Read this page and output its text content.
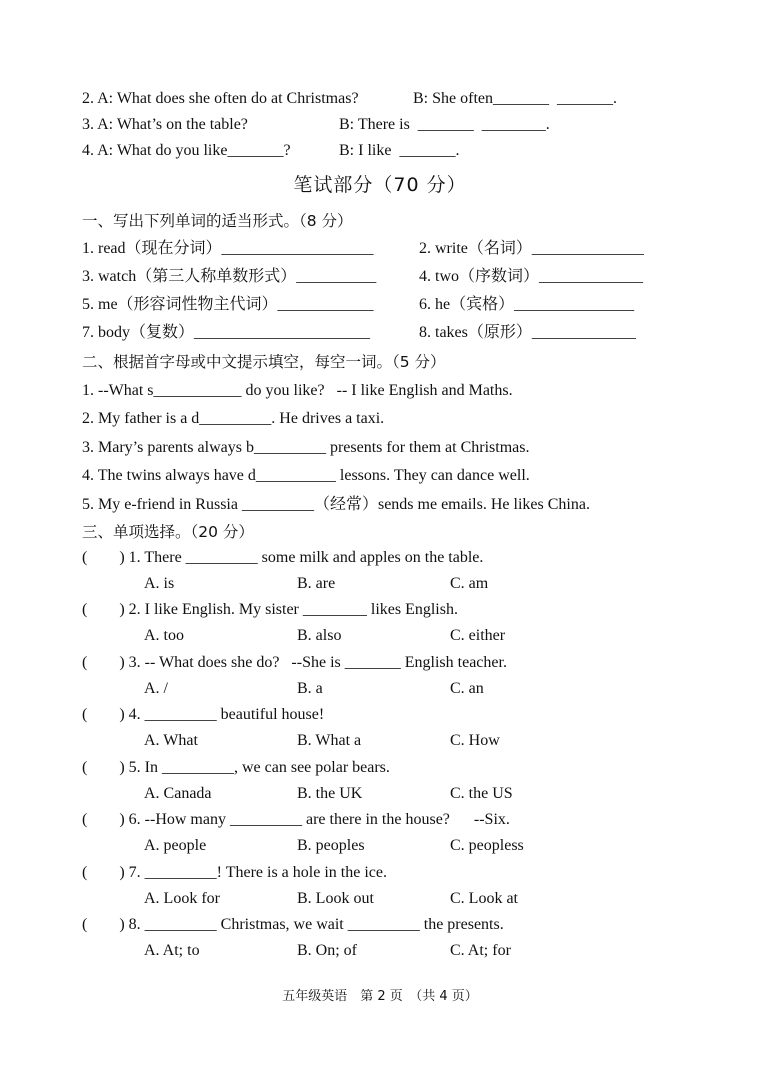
2. A: What does she often do at Christmas?	B: She often_______  _______.
3. A: What’s on the table?	B: There is  _______  ________.
4. A: What do you like_______?	B: I like  _______.
笔试部分（70 分）
一、写出下列单词的适当形式。（8 分）
1. read（现在分词）___________________	2. write（名词）______________
3. watch（第三人称单数形式）__________	4. two（序数词）_____________
5. me（形容词性物主代词）____________	6. he（宾格）_______________
7. body（复数）______________________	8. takes（原形）_____________
二、根据首字母或中文提示填空，每空一词。（5 分）
1. --What s___________ do you like?   -- I like English and Maths.
2. My father is a d_________. He drives a taxi.
3. Mary’s parents always b_________ presents for them at Christmas.
4. The twins always have d__________ lessons. They can dance well.
5. My e-friend in Russia _________（经常）sends me emails. He likes China.
三、单项选择。（20 分）
(        ) 1. There _________ some milk and apples on the table.
A. is	B. are	C. am
(        ) 2. I like English. My sister ________ likes English.
A. too	B. also	C. either
(        ) 3. -- What does she do?   --She is _______ English teacher.
A. /	B. a	C. an
(        ) 4. _________ beautiful house!
A. What	B. What a	C. How
(        ) 5. In _________, we can see polar bears.
A. Canada	B. the UK	C. the US
(        ) 6. --How many _________ are there in the house?      --Six.
A. people	B. peoples	C. peopless
(        ) 7. _________! There is a hole in the ice.
A. Look for	B. Look out	C. Look at
(        ) 8. _________ Christmas, we wait _________ the presents.
A. At; to	B. On; of	C. At; for
五年级英语　第 2 页　（共 4 页）
